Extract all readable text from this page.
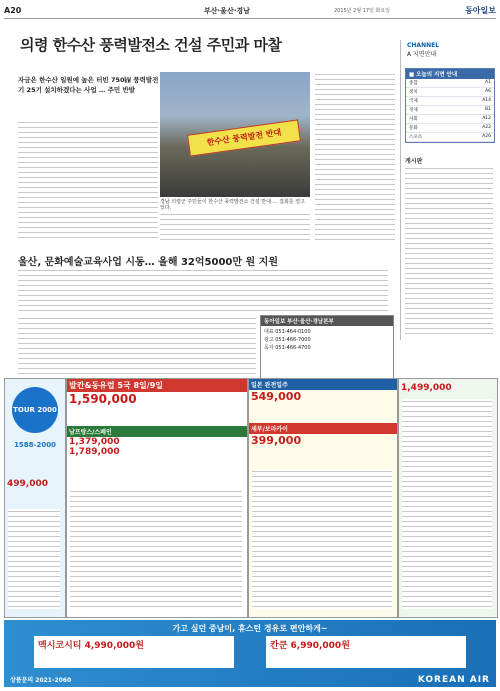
A20	부산·울산·경남	2015년 2월 17일 화요일	동아일보
의령 한수산 풍력발전소 건설 주민과 마찰
자금은 한수산 일원에 높은 터빈 750㎾ 풍력발전기 25기 설치하겠다는 사업 … 주민 반발
한수산 풍력발전 반대
경남 의령군 주민들이 한수산 풍력발전소 건설 반대 … 집회를 열고 있다.
CHANNEL
A 지면안내
■ 오늘의 지면 안내
종합	A1
정치	A6
국제	A14
경제	B1
사회	A12
문화	A22
스포츠	A26
게시판
울산, 문화예술교육사업 시동… 올해 32억5000만 원 지원
동아일보 부산·울산·경남본부
대표 051-464-0100
광고 051-466-7000
독자 051-466-4700
TOUR 2000
1588-2000
499,000
발칸&동유럽 5국 8일/9일
1,590,000
남프랑스/스페인
1,379,000
1,789,000
일본 완전일주
549,000
세부/보라카이
399,000
1,499,000
가고 싶던 중남미, 휴스턴 경유로 편안하게~
멕시코시티 4,990,000원	칸쿤 6,990,000원
상품문의 2021-2060	KOREAN AIR
